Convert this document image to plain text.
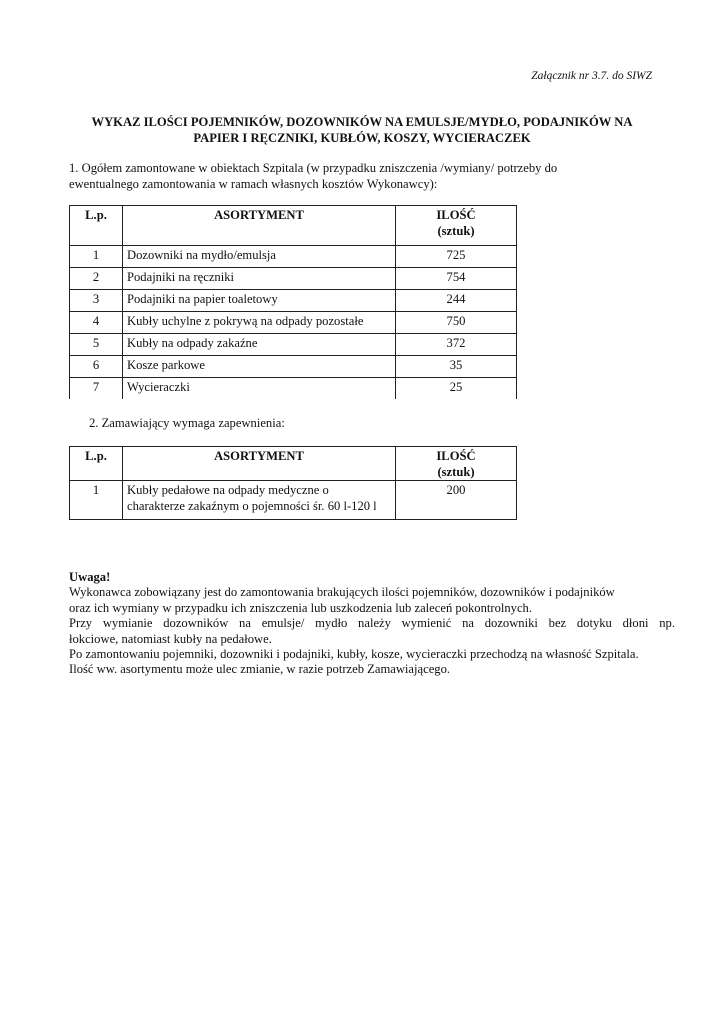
Załącznik nr 3.7. do SIWZ
WYKAZ ILOŚCI POJEMNIKÓW, DOZOWNIKÓW NA EMULSJE/MYDŁO, PODAJNIKÓW NA
PAPIER I RĘCZNIKI, KUBŁÓW, KOSZY, WYCIERACZEK
1. Ogółem zamontowane w obiektach Szpitala (w przypadku zniszczenia /wymiany/ potrzeby do
ewentualnego zamontowania w ramach własnych kosztów Wykonawcy):
L.p.	ASORTYMENT	ILOŚĆ
(sztuk)

1	Dozowniki na mydło/emulsja	725
2	Podajniki na ręczniki	754
3	Podajniki na papier toaletowy	244
4	Kubły uchylne z pokrywą na odpady pozostałe	750
5	Kubły na odpady zakaźne	372
6	Kosze parkowe	35
7	Wycieraczki	25
2. Zamawiający wymaga zapewnienia:
L.p.	ASORTYMENT	ILOŚĆ
(sztuk)

1	Kubły pedałowe na odpady medyczne o
charakterze zakaźnym o pojemności śr. 60 l-120 l	200
Uwaga!
Wykonawca zobowiązany jest do zamontowania brakujących ilości pojemników, dozowników i podajników
oraz ich wymiany w przypadku ich zniszczenia lub uszkodzenia lub zaleceń pokontrolnych.
Przy wymianie dozowników na emulsje/ mydło należy wymienić na dozowniki bez dotyku dłoni np.
łokciowe, natomiast kubły na pedałowe.
Po zamontowaniu pojemniki, dozowniki i podajniki, kubły, kosze, wycieraczki przechodzą na własność Szpitala.
Ilość ww. asortymentu może ulec zmianie, w razie potrzeb Zamawiającego.
